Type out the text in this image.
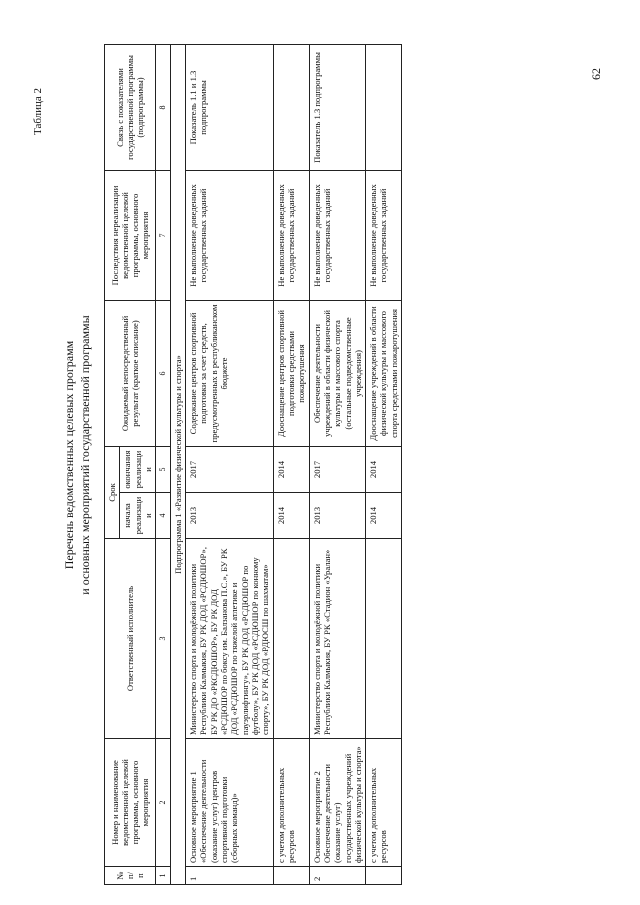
Таблица 2
Перечень ведомственных целевых программ и основных мероприятий государственной программы
№ п/п	Номер и наименование ведомственной целевой программы, основного мероприятия	Ответственный исполнитель	Срок		Ожидаемый непосредственный результат (краткое описание)	Последствия нереализации ведомственной целевой программы, основного мероприятия	Связь с показателями государственной программы (подпрограммы)
			начала реализации	окончания реализации			
1	2	3	4	5	6	7	8
Подпрограмма 1 «Развитие физической культуры и спорта»							
1	Основное мероприятие 1 «Обеспечение деятельности (оказание услуг) центров спортивной подготовки (сборных команд)»	Министерство спорта и молодёжной политики Республики Калмыкия, БУ РК ДОД «РСДЮШОР», БУ РК ДО «РКСДЮШОР», БУ РК ДОД «РСДЮШОР по боксу им. Балзанова П.С.», БУ РК ДОД «РСДЮШОР по тяжелой атлетике и пауэрлифтингу», БУ РК ДОД «РСДЮШОР по футболу», БУ РК ДОД «РСДЮШОР по конному спорту», БУ РК ДОД «РДЮСШ по шахматам»	2013	2017	Содержание центров спортивной подготовки за счет средств, предусмотренных в республиканском бюджете	Не выполнение доведенных государственных заданий	Показатель 1.1 и 1.3 подпрограммы
	с учетом дополнительных ресурсов		2014	2014	Дооснащение центров спортивной подготовки средствами пожаротушения	Не выполнение доведенных государственных заданий	
2	Основное мероприятие 2 Обеспечение деятельности (оказание услуг) государственных учреждений физической культуры и спорта»	Министерство спорта и молодёжной политики Республики Калмыкия, БУ РК «Стадион «Уралан»	2013	2017	Обеспечение деятельности учреждений в области физической культуры и массового спорта (остальные подведомственные учреждения)	Не выполнение доведенных государственных заданий	Показатель 1.3 подпрограммы
	с учетом дополнительных ресурсов		2014	2014	Дооснащение учреждений в области физической культуры и массового спорта средствами пожаротушения	Не выполнение доведенных государственных заданий	
62
